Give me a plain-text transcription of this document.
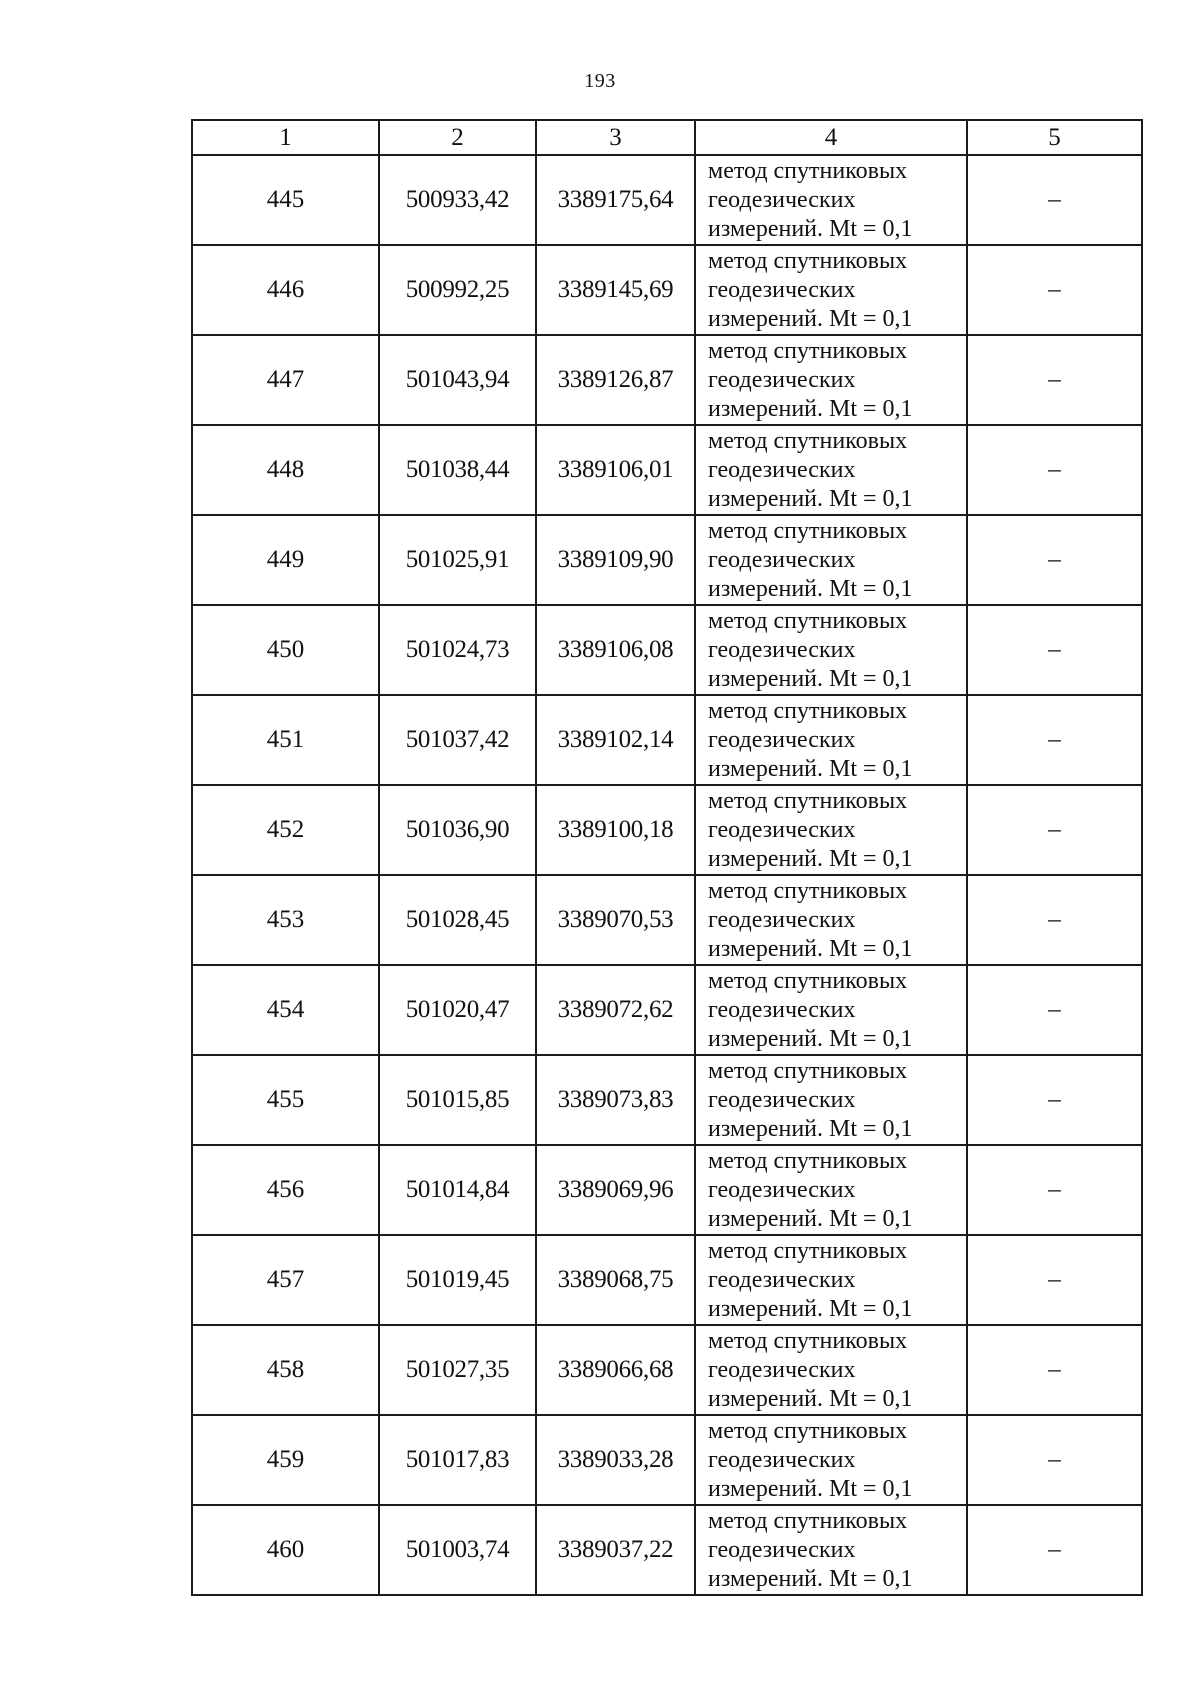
193
1	2	3	4	5
445	500933,42	3389175,64	метод спутниковых
геодезических
измерений. Mt = 0,1	–
446	500992,25	3389145,69	метод спутниковых
геодезических
измерений. Mt = 0,1	–
447	501043,94	3389126,87	метод спутниковых
геодезических
измерений. Mt = 0,1	–
448	501038,44	3389106,01	метод спутниковых
геодезических
измерений. Mt = 0,1	–
449	501025,91	3389109,90	метод спутниковых
геодезических
измерений. Mt = 0,1	–
450	501024,73	3389106,08	метод спутниковых
геодезических
измерений. Mt = 0,1	–
451	501037,42	3389102,14	метод спутниковых
геодезических
измерений. Mt = 0,1	–
452	501036,90	3389100,18	метод спутниковых
геодезических
измерений. Mt = 0,1	–
453	501028,45	3389070,53	метод спутниковых
геодезических
измерений. Mt = 0,1	–
454	501020,47	3389072,62	метод спутниковых
геодезических
измерений. Mt = 0,1	–
455	501015,85	3389073,83	метод спутниковых
геодезических
измерений. Mt = 0,1	–
456	501014,84	3389069,96	метод спутниковых
геодезических
измерений. Mt = 0,1	–
457	501019,45	3389068,75	метод спутниковых
геодезических
измерений. Mt = 0,1	–
458	501027,35	3389066,68	метод спутниковых
геодезических
измерений. Mt = 0,1	–
459	501017,83	3389033,28	метод спутниковых
геодезических
измерений. Mt = 0,1	–
460	501003,74	3389037,22	метод спутниковых
геодезических
измерений. Mt = 0,1	–
